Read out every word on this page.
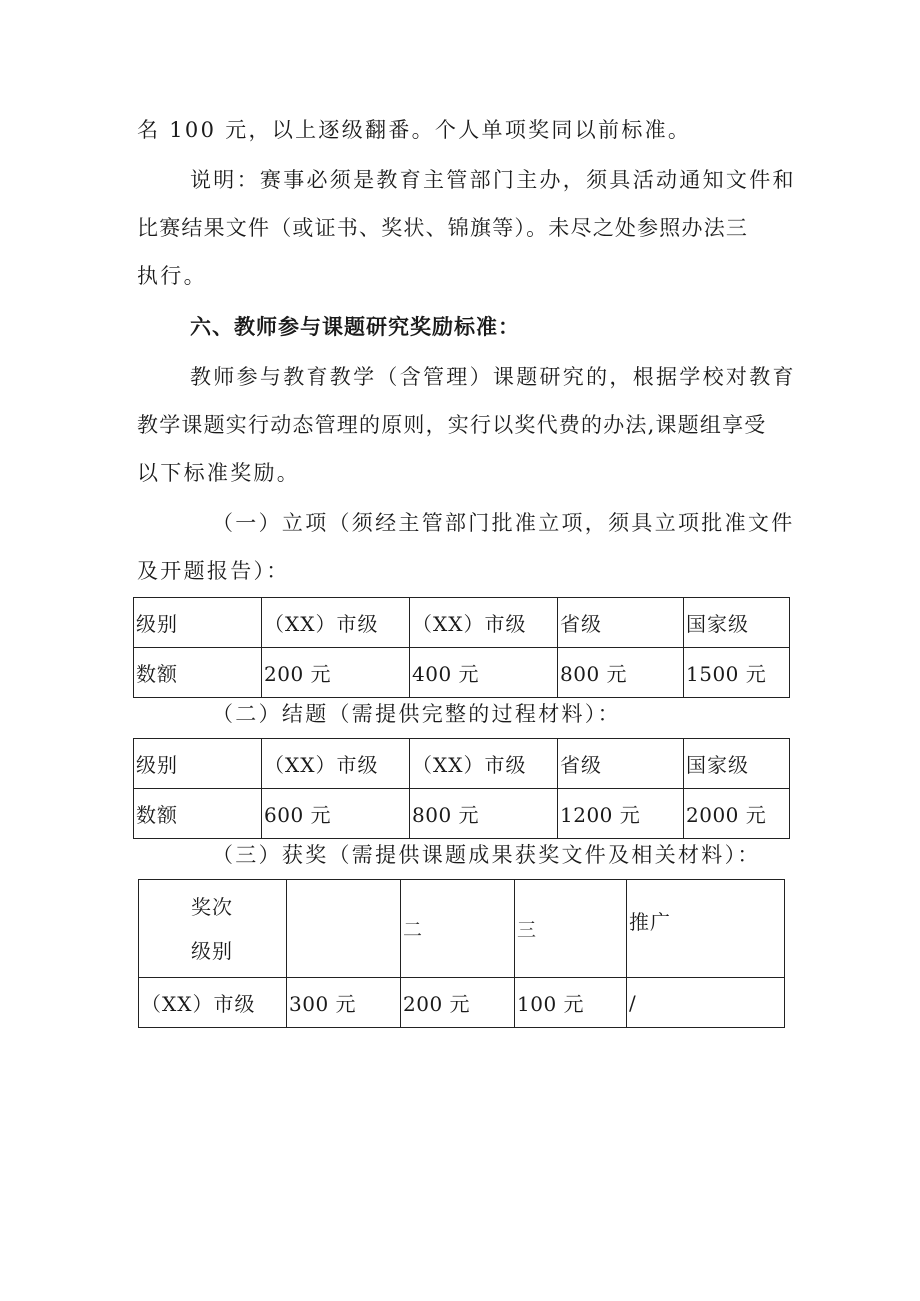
名 100 元，以上逐级翻番。个人单项奖同以前标准。

说明：赛事必须是教育主管部门主办，须具活动通知文件和

比赛结果文件（或证书、奖状、锦旗等）。未尽之处参照办法三

执行。

六、教师参与课题研究奖励标准：

教师参与教育教学（含管理）课题研究的，根据学校对教育

教学课题实行动态管理的原则，实行以奖代费的办法,课题组享受

以下标准奖励。

（一）立项（须经主管部门批准立项，须具立项批准文件

及开题报告）：

级别	（XX）市级	（XX）市级	省级	国家级
数额	200 元	400 元	800 元	1500 元

（二）结题（需提供完整的过程材料）：

级别	（XX）市级	（XX）市级	省级	国家级
数额	600 元	800 元	1200 元	2000 元

（三）获奖（需提供课题成果获奖文件及相关材料）：

奖次
级别		二	三	推广
（XX）市级	300 元	200 元	100 元	/
